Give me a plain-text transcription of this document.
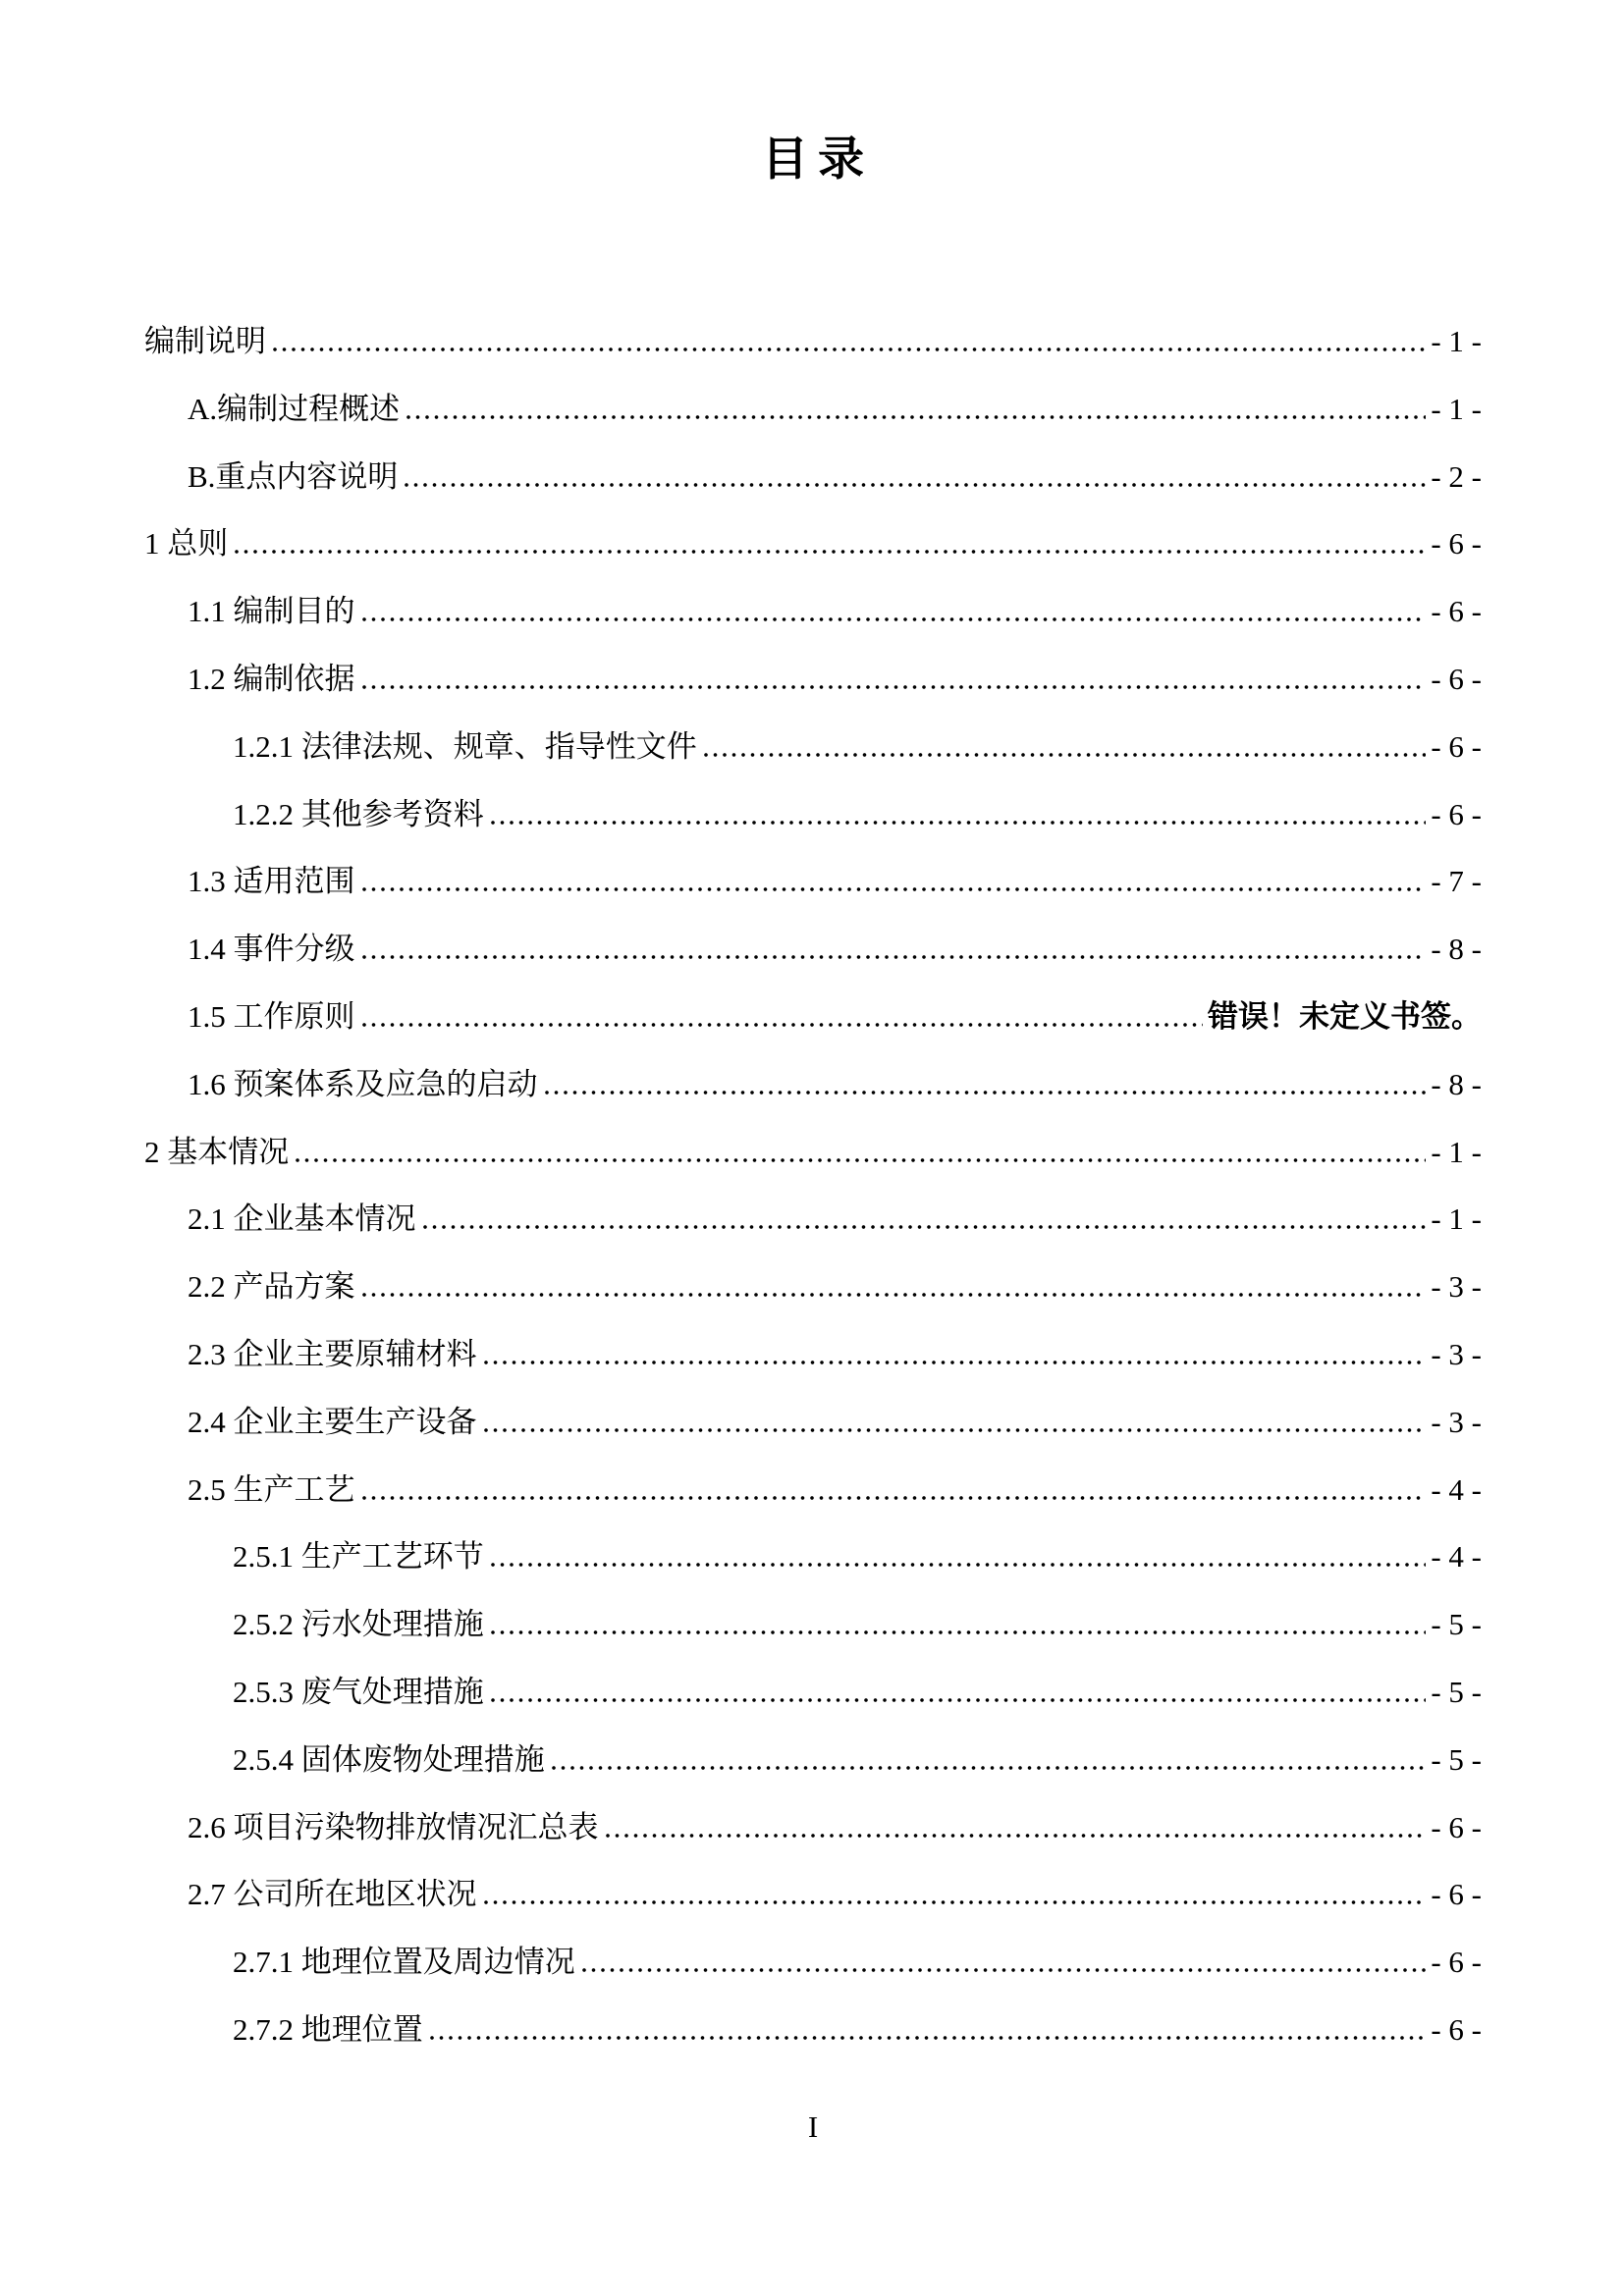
目录
编制说明	- 1 -
A.编制过程概述	- 1 -
B.重点内容说明	- 2 -
1 总则	- 6 -
1.1 编制目的	- 6 -
1.2 编制依据	- 6 -
1.2.1 法律法规、规章、指导性文件	- 6 -
1.2.2 其他参考资料	- 6 -
1.3 适用范围	- 7 -
1.4 事件分级	- 8 -
1.5 工作原则	错误！未定义书签。
1.6 预案体系及应急的启动	- 8 -
2 基本情况	- 1 -
2.1 企业基本情况	- 1 -
2.2 产品方案	- 3 -
2.3 企业主要原辅材料	- 3 -
2.4 企业主要生产设备	- 3 -
2.5 生产工艺	- 4 -
2.5.1 生产工艺环节	- 4 -
2.5.2 污水处理措施	- 5 -
2.5.3 废气处理措施	- 5 -
2.5.4 固体废物处理措施	- 5 -
2.6 项目污染物排放情况汇总表	- 6 -
2.7 公司所在地区状况	- 6 -
2.7.1 地理位置及周边情况	- 6 -
2.7.2 地理位置	- 6 -
I
